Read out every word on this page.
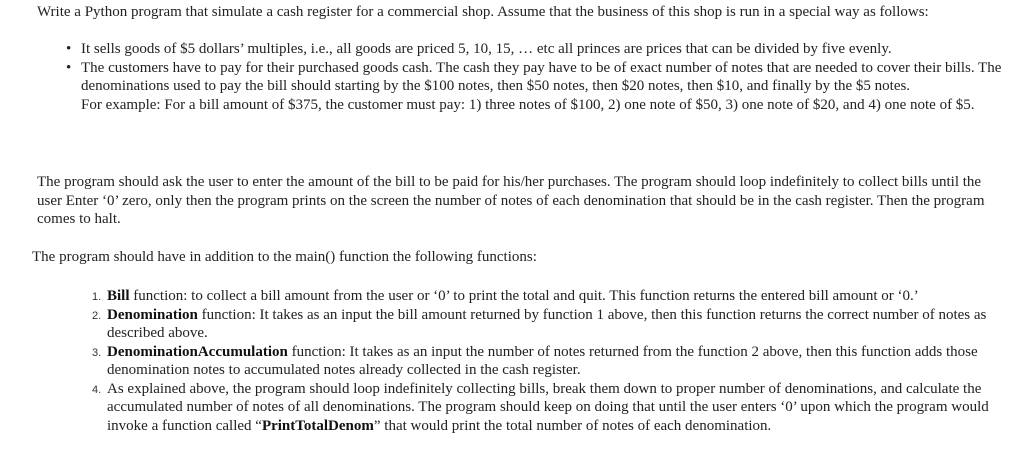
Write a Python program that simulate a cash register for a commercial shop. Assume that the business of this shop is run in a special way as follows:

• It sells goods of $5 dollars’ multiples, i.e., all goods are priced 5, 10, 15, … etc all princes are prices that can be divided by five evenly.
• The customers have to pay for their purchased goods cash. The cash they pay have to be of exact number of notes that are needed to cover their bills. The denominations used to pay the bill should starting by the $100 notes, then $50 notes, then $20 notes, then $10, and finally by the $5 notes.
For example: For a bill amount of $375, the customer must pay: 1) three notes of $100, 2) one note of $50, 3) one note of $20, and 4) one note of $5.

The program should ask the user to enter the amount of the bill to be paid for his/her purchases. The program should loop indefinitely to collect bills until the user Enter ‘0’ zero, only then the program prints on the screen the number of notes of each denomination that should be in the cash register. Then the program comes to halt.

The program should have in addition to the main() function the following functions:

1. Bill function: to collect a bill amount from the user or ‘0’ to print the total and quit. This function returns the entered bill amount or ‘0.’
2. Denomination function: It takes as an input the bill amount returned by function 1 above, then this function returns the correct number of notes as described above.
3. DenominationAccumulation function: It takes as an input the number of notes returned from the function 2 above, then this function adds those denomination notes to accumulated notes already collected in the cash register.
4. As explained above, the program should loop indefinitely collecting bills, break them down to proper number of denominations, and calculate the accumulated number of notes of all denominations. The program should keep on doing that until the user enters ‘0’ upon which the program would invoke a function called “PrintTotalDenom” that would print the total number of notes of each denomination.
